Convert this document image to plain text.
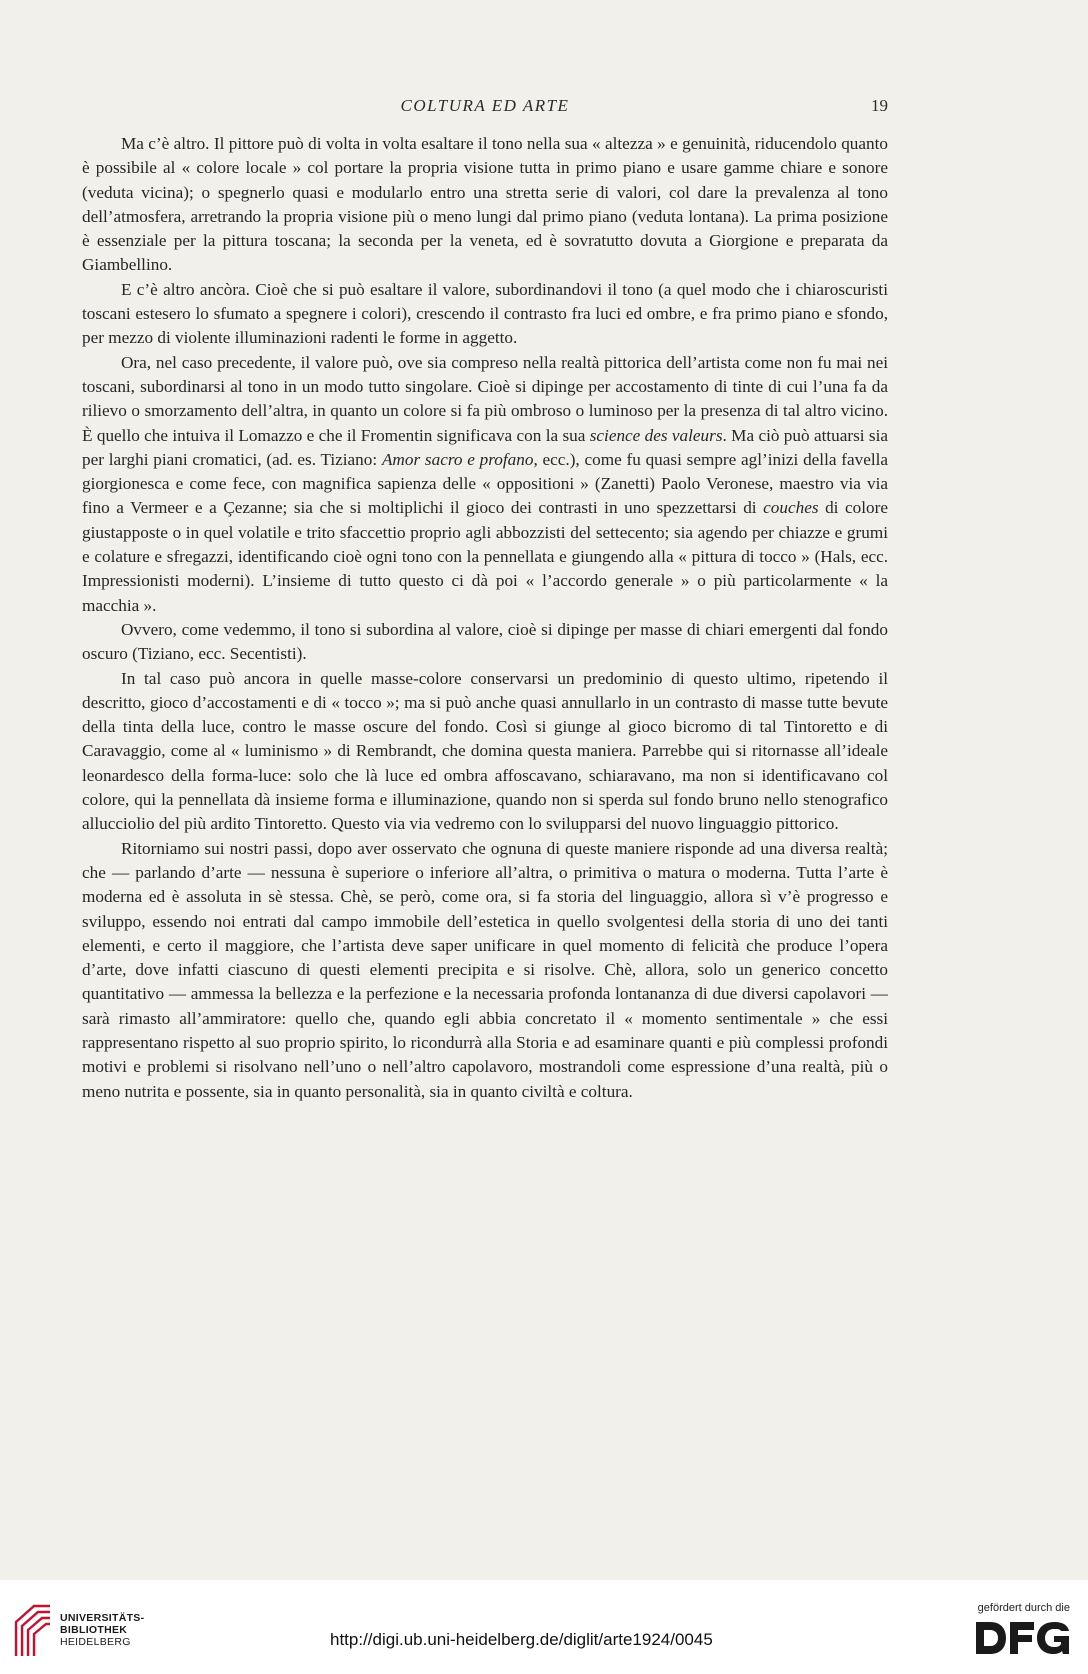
COLTURA ED ARTE	19

Ma c’è altro. Il pittore può di volta in volta esaltare il tono nella sua « altezza » e genuinità, riducendolo quanto è possibile al « colore locale » col portare la propria visione tutta in primo piano e usare gamme chiare e sonore (veduta vicina); o spegnerlo quasi e modularlo entro una stretta serie di valori, col dare la prevalenza al tono dell’atmosfera, arretrando la propria visione più o meno lungi dal primo piano (veduta lontana). La prima posizione è essenziale per la pittura toscana; la seconda per la veneta, ed è sovratutto dovuta a Giorgione e preparata da Giambellino.

E c’è altro ancòra. Cioè che si può esaltare il valore, subordinandovi il tono (a quel modo che i chiaroscuristi toscani estesero lo sfumato a spegnere i colori), crescendo il contrasto fra luci ed ombre, e fra primo piano e sfondo, per mezzo di violente illuminazioni radenti le forme in aggetto.

Ora, nel caso precedente, il valore può, ove sia compreso nella realtà pittorica dell’artista come non fu mai nei toscani, subordinarsi al tono in un modo tutto singolare. Cioè si dipinge per accostamento di tinte di cui l’una fa da rilievo o smorzamento dell’altra, in quanto un colore si fa più ombroso o luminoso per la presenza di tal altro vicino. È quello che intuiva il Lomazzo e che il Fromentin significava con la sua science des valeurs. Ma ciò può attuarsi sia per larghi piani cromatici, (ad. es. Tiziano: Amor sacro e profano, ecc.), come fu quasi sempre agl’inizi della favella giorgionesca e come fece, con magnifica sapienza delle « oppositioni » (Zanetti) Paolo Veronese, maestro via via fino a Vermeer e a Çezanne; sia che si moltiplichi il gioco dei contrasti in uno spezzettarsi di couches di colore giustapposte o in quel volatile e trito sfaccettio proprio agli abbozzisti del settecento; sia agendo per chiazze e grumi e colature e sfregazzi, identificando cioè ogni tono con la pennellata e giungendo alla « pittura di tocco » (Hals, ecc. Impressionisti moderni). L’insieme di tutto questo ci dà poi « l’accordo generale » o più particolarmente « la macchia ».

Ovvero, come vedemmo, il tono si subordina al valore, cioè si dipinge per masse di chiari emergenti dal fondo oscuro (Tiziano, ecc. Secentisti).

In tal caso può ancora in quelle masse-colore conservarsi un predominio di questo ultimo, ripetendo il descritto, gioco d’accostamenti e di « tocco »; ma si può anche quasi annullarlo in un contrasto di masse tutte bevute della tinta della luce, contro le masse oscure del fondo. Così si giunge al gioco bicromo di tal Tintoretto e di Caravaggio, come al « luminismo » di Rembrandt, che domina questa maniera. Parrebbe qui si ritornasse all’ideale leonardesco della forma-luce: solo che là luce ed ombra affoscavano, schiaravano, ma non si identificavano col colore, qui la pennellata dà insieme forma e illuminazione, quando non si sperda sul fondo bruno nello stenografico allucciolio del più ardito Tintoretto. Questo via via vedremo con lo svilupparsi del nuovo linguaggio pittorico.

Ritorniamo sui nostri passi, dopo aver osservato che ognuna di queste maniere risponde ad una diversa realtà; che — parlando d’arte — nessuna è superiore o inferiore all’altra, o primitiva o matura o moderna. Tutta l’arte è moderna ed è assoluta in sè stessa. Chè, se però, come ora, si fa storia del linguaggio, allora sì v’è progresso e sviluppo, essendo noi entrati dal campo immobile dell’estetica in quello svolgentesi della storia di uno dei tanti elementi, e certo il maggiore, che l’artista deve saper unificare in quel momento di felicità che produce l’opera d’arte, dove infatti ciascuno di questi elementi precipita e si risolve. Chè, allora, solo un generico concetto quantitativo — ammessa la bellezza e la perfezione e la necessaria profonda lontananza di due diversi capolavori — sarà rimasto all’ammiratore: quello che, quando egli abbia concretato il « momento sentimentale » che essi rappresentano rispetto al suo proprio spirito, lo ricondurrà alla Storia e ad esaminare quanti e più complessi profondi motivi e problemi si risolvano nell’uno o nell’altro capolavoro, mostrandoli come espressione d’una realtà, più o meno nutrita e possente, sia in quanto personalità, sia in quanto civiltà e coltura.

UNIVERSITÄTS-
BIBLIOTHEK
HEIDELBERG	http://digi.ub.uni-heidelberg.de/diglit/arte1924/0045
gefördert durch die
